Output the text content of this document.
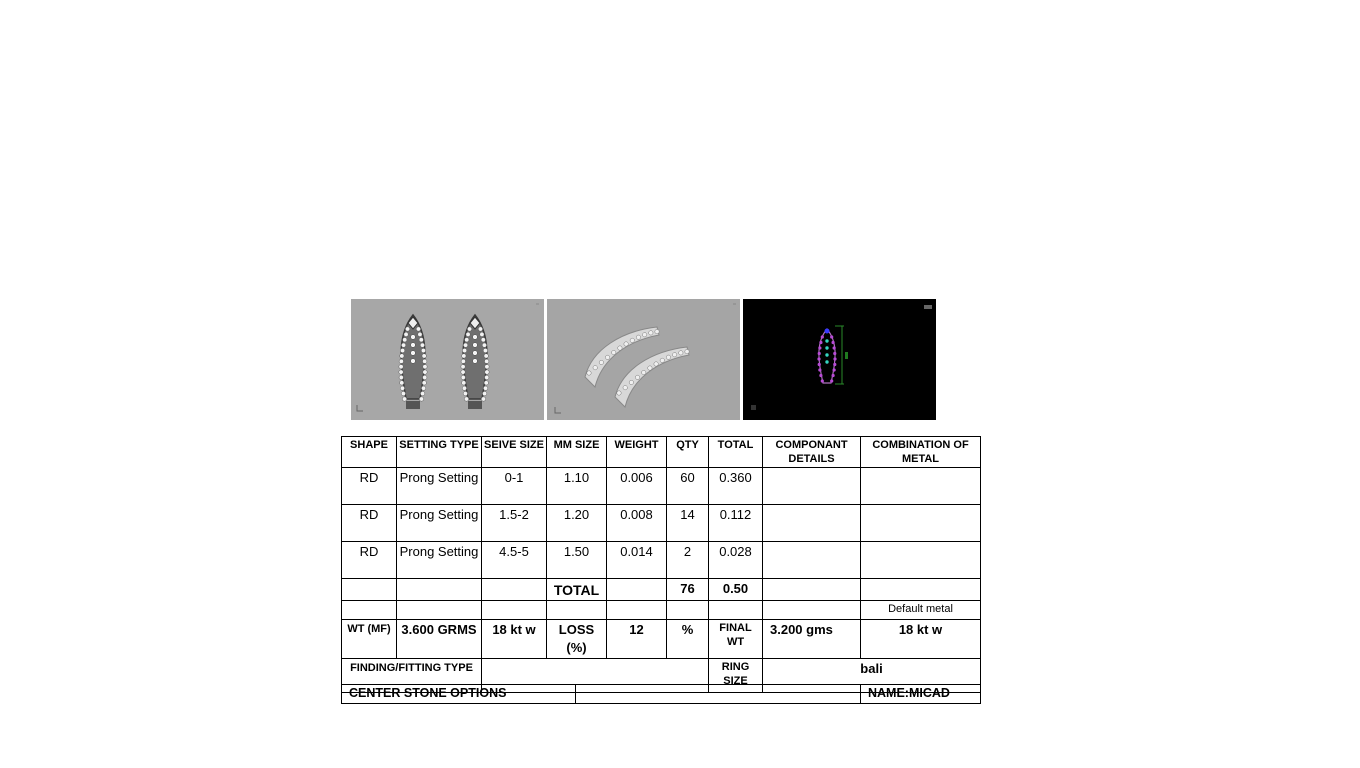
SHAPE	SETTING TYPE	SEIVE SIZE	MM SIZE	WEIGHT	QTY	TOTAL	COMPONANT DETAILS	COMBINATION OF METAL
RD	Prong Setting	0-1	1.10	0.006	60	0.360		
RD	Prong Setting	1.5-2	1.20	0.008	14	0.112		
RD	Prong Setting	4.5-5	1.50	0.014	2	0.028		
			TOTAL		76	0.50		
								Default metal
WT (MF)	3.600 GRMS	18 kt w	LOSS(%)	12	%	FINAL WT	3.200 gms	18 kt w
FINDING/FITTING TYPE						RING SIZE	bali	
CENTER STONE OPTIONS		NAME:MICAD
